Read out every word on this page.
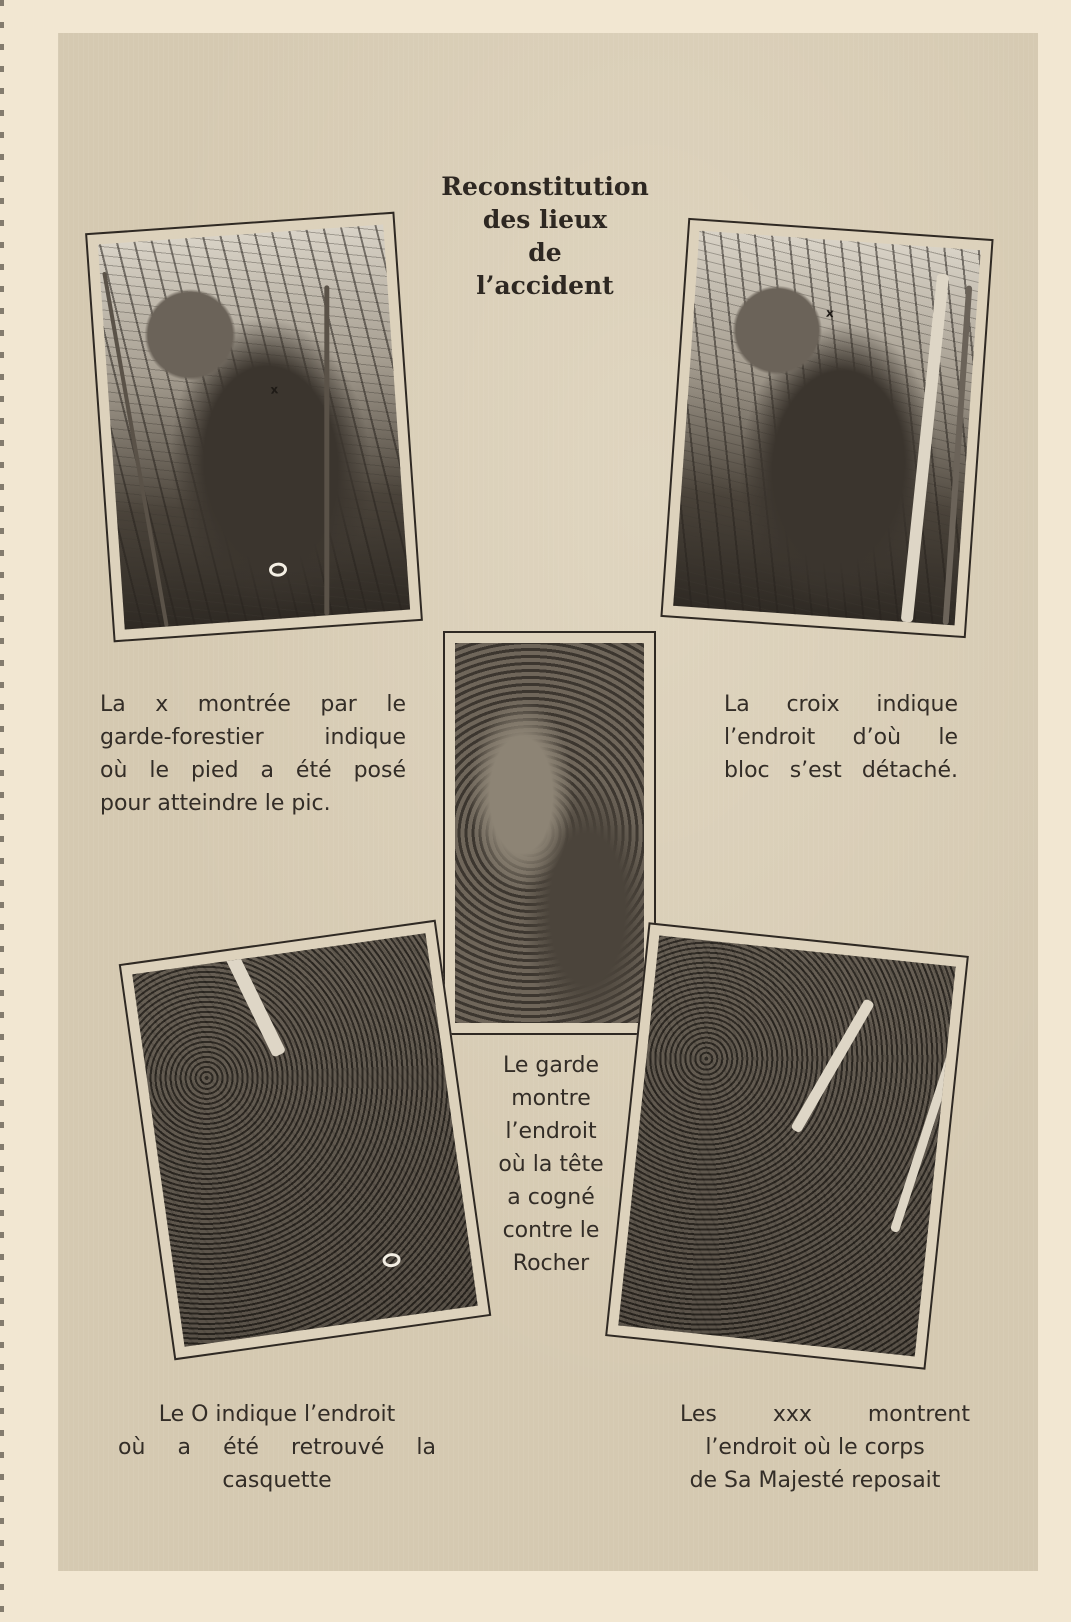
Reconstitution
des lieux
de
l’accident
x
x
La x montrée par le
garde-forestier indique
où le pied a été posé
pour atteindre le pic.
La croix indique
l’endroit d’où le
bloc s’est détaché.
Le garde
montre
l’endroit
où la tête
a cogné
contre le
Rocher
Le O indique l’endroit
où a été retrouvé la
casquette
Les xxx montrent
l’endroit où le corps
de Sa Majesté reposait
